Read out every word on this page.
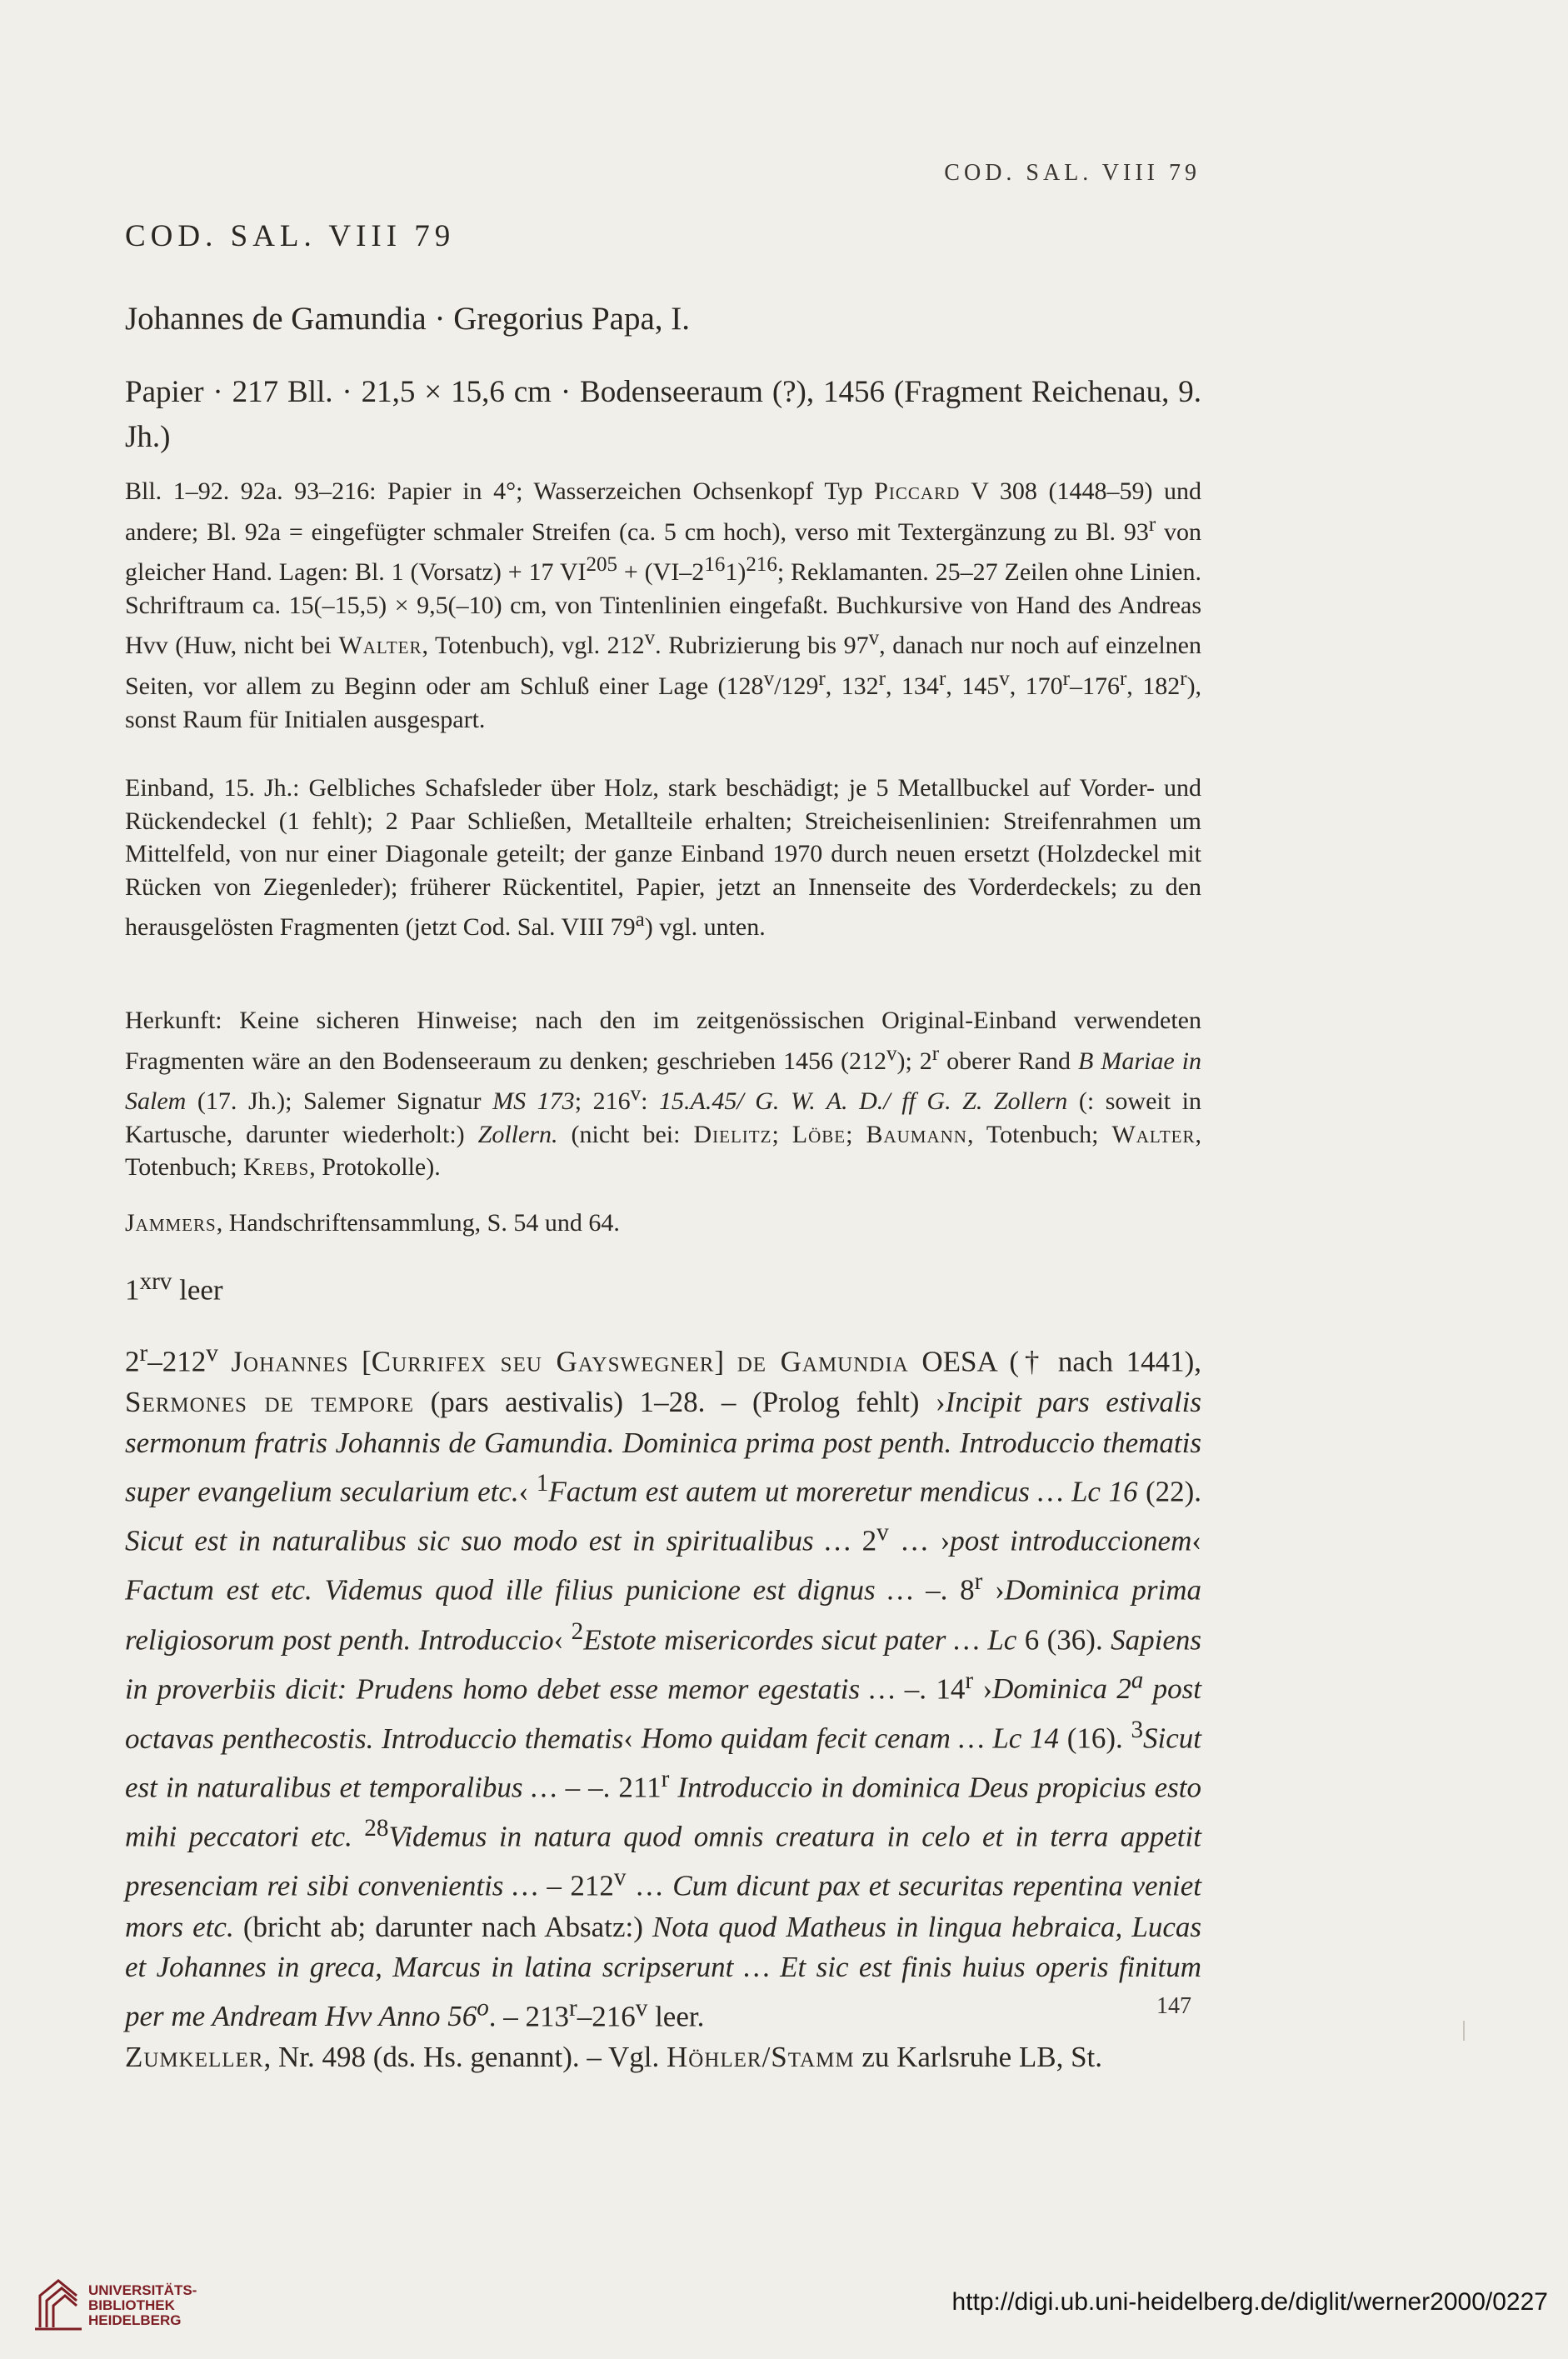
COD. SAL. VIII 79
COD. SAL. VIII 79
Johannes de Gamundia · Gregorius Papa, I.
Papier · 217 Bll. · 21,5 × 15,6 cm · Bodenseeraum (?), 1456 (Fragment Reichenau, 9. Jh.)
Bll. 1–92. 92a. 93–216: Papier in 4°; Wasserzeichen Ochsenkopf Typ Piccard V 308 (1448–59) und andere; Bl. 92a = eingefügter schmaler Streifen (ca. 5 cm hoch), verso mit Textergänzung zu Bl. 93$^r$ von gleicher Hand. Lagen: Bl. 1 (Vorsatz) + 17 $VI^{205} + (VI-2^{16}1)^{216}$; Reklamanten. 25–27 Zeilen ohne Linien. Schriftraum ca. 15(–15,5) × 9,5(–10) cm, von Tintenlinien eingefaßt. Buchkursive von Hand des Andreas Hvv (Huw, nicht bei Walter, Totenbuch), vgl. 212$^v$. Rubrizierung bis 97$^v$, danach nur noch auf einzelnen Seiten, vor allem zu Beginn oder am Schluß einer Lage (128$^v$/129$^r$, 132$^r$, 134$^r$, 145$^v$, 170$^r$–176$^r$, 182$^r$), sonst Raum für Initialen ausgespart.
Einband, 15. Jh.: Gelbliches Schafsleder über Holz, stark beschädigt; je 5 Metallbuckel auf Vorder- und Rückendeckel (1 fehlt); 2 Paar Schließen, Metallteile erhalten; Streicheisenlinien: Streifenrahmen um Mittelfeld, von nur einer Diagonale geteilt; der ganze Einband 1970 durch neuen ersetzt (Holzdeckel mit Rücken von Ziegenleder); früherer Rückentitel, Papier, jetzt an Innenseite des Vorderdeckels; zu den herausgelösten Fragmenten (jetzt Cod. Sal. VIII 79$^a$) vgl. unten.
Herkunft: Keine sicheren Hinweise; nach den im zeitgenössischen Original-Einband verwendeten Fragmenten wäre an den Bodenseeraum zu denken; geschrieben 1456 (212$^v$); 2$^r$ oberer Rand B Mariae in Salem (17. Jh.); Salemer Signatur MS 173; 216$^v$: 15.A.45/ G. W. A. D./ ff G. Z. Zollern (: soweit in Kartusche, darunter wiederholt:) Zollern. (nicht bei: Dielitz; Löbe; Baumann, Totenbuch; Walter, Totenbuch; Krebs, Protokolle).
Jammers, Handschriftensammlung, S. 54 und 64.
$1^{xrv}$ leer
2$^r$–212$^v$ Johannes [Currifex seu Gayswegner] de Gamundia OESA († nach 1441), Sermones de tempore (pars aestivalis) 1–28. – (Prolog fehlt) ›Incipit pars estivalis sermonum fratris Johannis de Gamundia. Dominica prima post penth. Introduccio thematis super evangelium secularium etc.‹ $^1$Factum est autem ut moreretur mendicus … Lc 16 (22). Sicut est in naturalibus sic suo modo est in spiritualibus … 2$^v$ … ›post introduccionem‹ Factum est etc. Videmus quod ille filius punicione est dignus … –. 8$^r$ ›Dominica prima religiosorum post penth. Introduccio‹ $^2$Estote misericordes sicut pater … Lc 6 (36). Sapiens in proverbiis dicit: Prudens homo debet esse memor egestatis … –. 14$^r$ ›Dominica 2$^a$ post octavas penthecostis. Introduccio thematis‹ Homo quidam fecit cenam … Lc 14 (16). $^3$Sicut est in naturalibus et temporalibus … – –. 211$^r$ Introduccio in dominica Deus propicius esto mihi peccatori etc. $^{28}$Videmus in natura quod omnis creatura in celo et in terra appetit presenciam rei sibi convenientis … – 212$^v$ … Cum dicunt pax et securitas repentina veniet mors etc. (bricht ab; darunter nach Absatz:) Nota quod Matheus in lingua hebraica, Lucas et Johannes in greca, Marcus in latina scripserunt … Et sic est finis huius operis finitum per me Andream Hvv Anno 56$^o$. – 213$^r$–216$^v$ leer.
Zumkeller, Nr. 498 (ds. Hs. genannt). – Vgl. Höhler/Stamm zu Karlsruhe LB, St.
147
UNIVERSITÄTS-
BIBLIOTHEK
HEIDELBERG
http://digi.ub.uni-heidelberg.de/diglit/werner2000/0227
